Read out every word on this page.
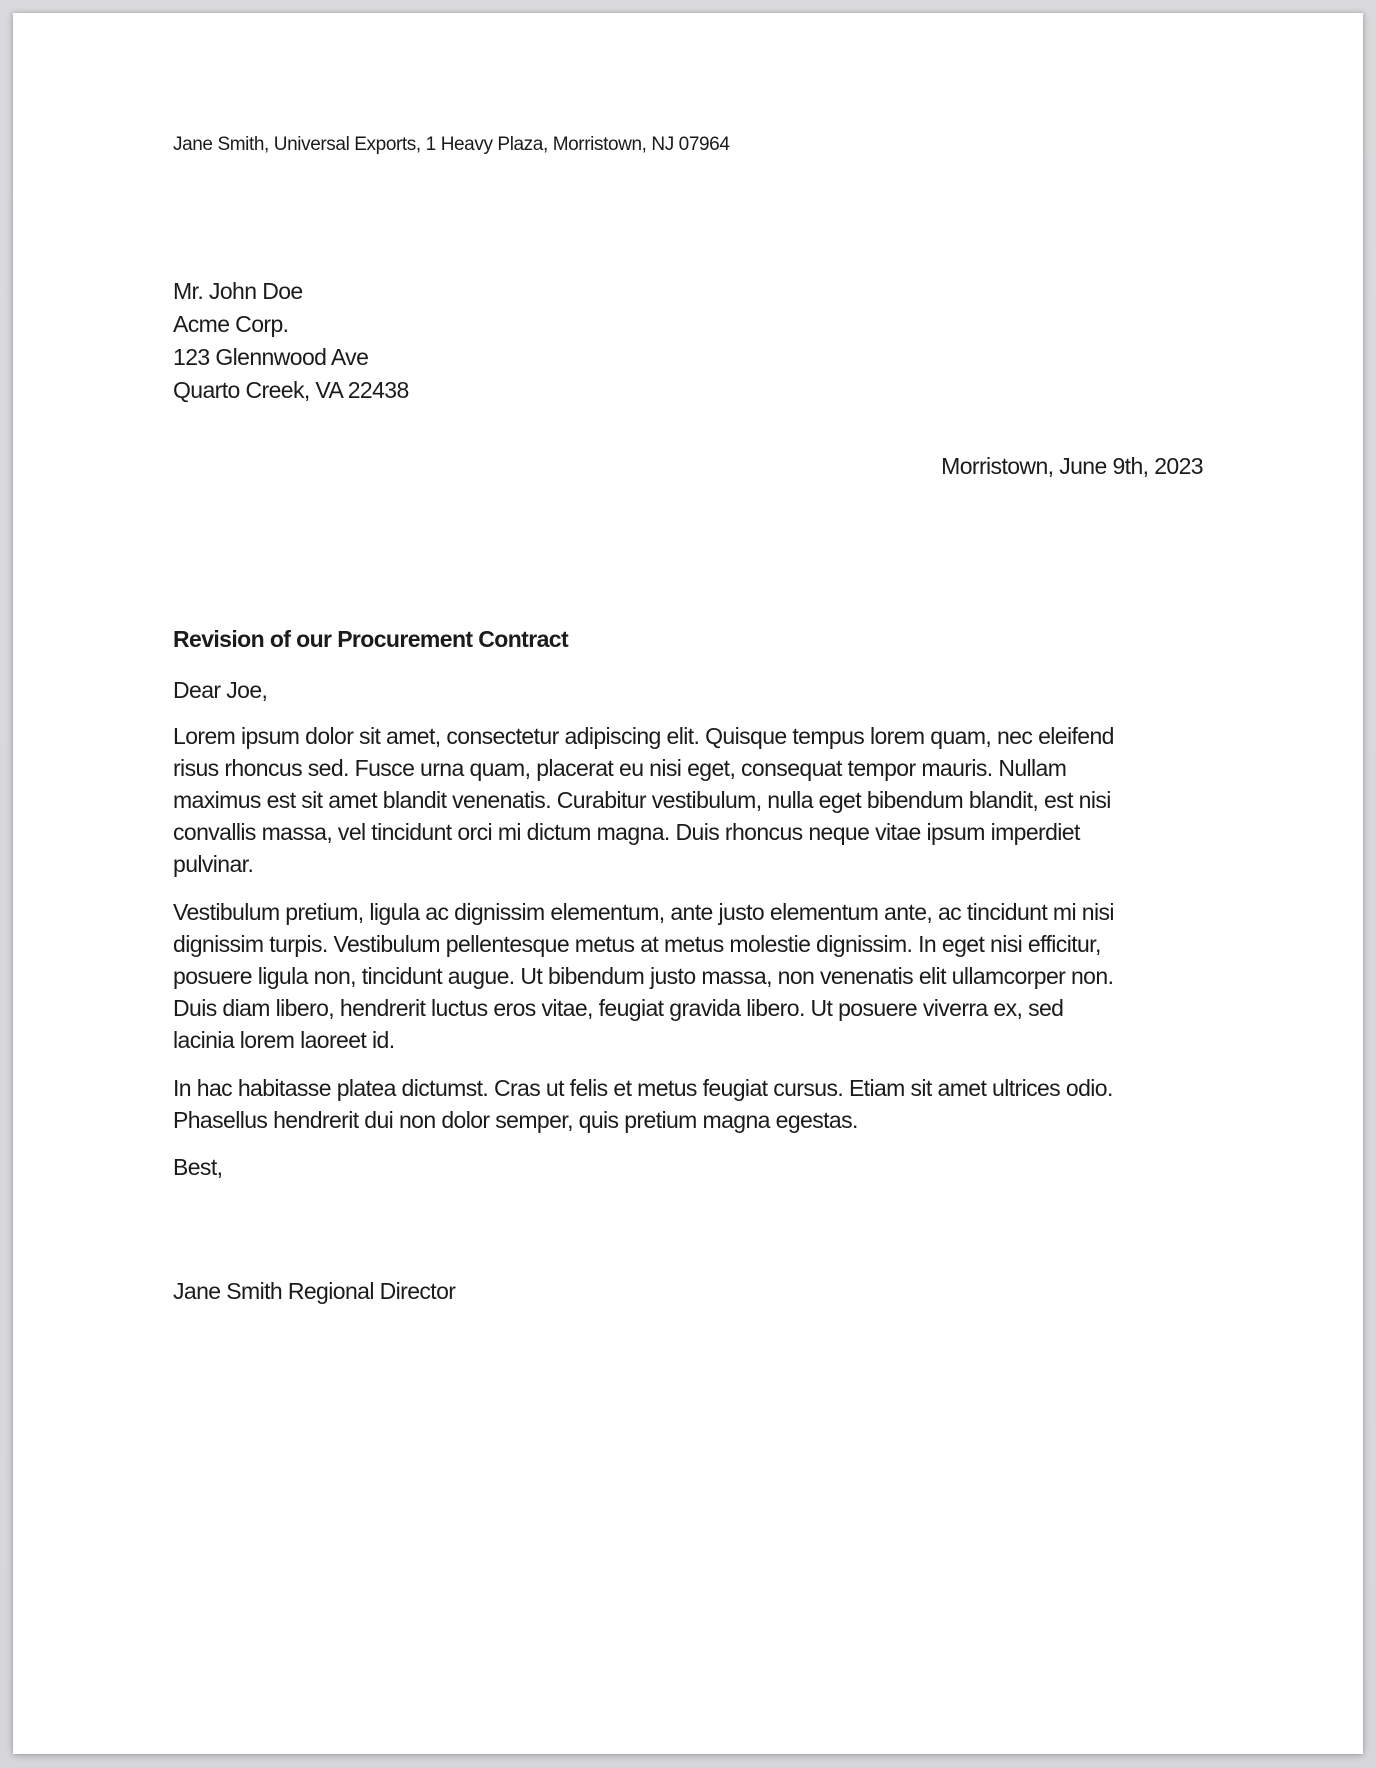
Jane Smith, Universal Exports, 1 Heavy Plaza, Morristown, NJ 07964
Mr. John Doe
Acme Corp.
123 Glennwood Ave
Quarto Creek, VA 22438
Morristown, June 9th, 2023
Revision of our Procurement Contract
Dear Joe,
Lorem ipsum dolor sit amet, consectetur adipiscing elit. Quisque tempus lorem quam, nec eleifend
risus rhoncus sed. Fusce urna quam, placerat eu nisi eget, consequat tempor mauris. Nullam
maximus est sit amet blandit venenatis. Curabitur vestibulum, nulla eget bibendum blandit, est nisi
convallis massa, vel tincidunt orci mi dictum magna. Duis rhoncus neque vitae ipsum imperdiet
pulvinar.
Vestibulum pretium, ligula ac dignissim elementum, ante justo elementum ante, ac tincidunt mi nisi
dignissim turpis. Vestibulum pellentesque metus at metus molestie dignissim. In eget nisi efficitur,
posuere ligula non, tincidunt augue. Ut bibendum justo massa, non venenatis elit ullamcorper non.
Duis diam libero, hendrerit luctus eros vitae, feugiat gravida libero. Ut posuere viverra ex, sed
lacinia lorem laoreet id.
In hac habitasse platea dictumst. Cras ut felis et metus feugiat cursus. Etiam sit amet ultrices odio.
Phasellus hendrerit dui non dolor semper, quis pretium magna egestas.
Best,
Jane Smith Regional Director
